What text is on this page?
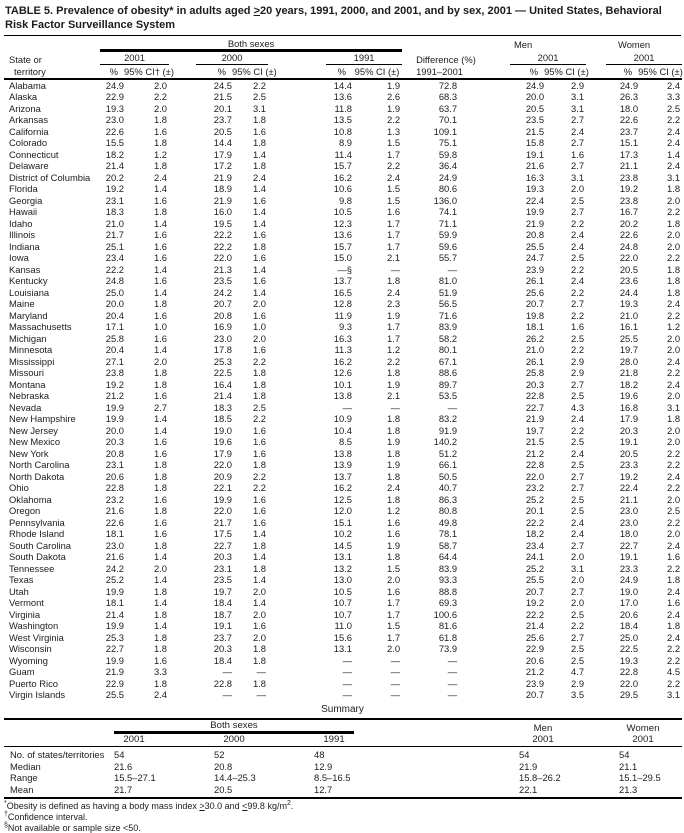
TABLE 5. Prevalence of obesity* in adults aged ≥20 years, 1991, 2000, and 2001, and by sex, 2001 — United States, Behavioral Risk Factor Surveillance System
	Both sexes							Men		Women	
State or	2001		2000		1991		Difference (%)	2001		2001	

territory	%	95% CI† (±)	%	95% CI (±)	%	95% CI (±)	1991–2001	%	95% CI (±)	%	95% CI (±)
Alabama	24.9	2.0	24.5	2.2	14.4	1.9	72.8	24.9	2.9	24.9	2.4
Alaska	22.9	2.2	21.5	2.5	13.6	2.6	68.3	20.0	3.1	26.3	3.3
Arizona	19.3	2.0	20.1	3.1	11.8	1.9	63.7	20.5	3.1	18.0	2.5
Arkansas	23.0	1.8	23.7	1.8	13.5	2.2	70.1	23.5	2.7	22.6	2.2
California	22.6	1.6	20.5	1.6	10.8	1.3	109.1	21.5	2.4	23.7	2.4
Colorado	15.5	1.8	14.4	1.8	8.9	1.5	75.1	15.8	2.7	15.1	2.4
Connecticut	18.2	1.2	17.9	1.4	11.4	1.7	59.8	19.1	1.6	17.3	1.4
Delaware	21.4	1.8	17.2	1.8	15.7	2.2	36.4	21.6	2.7	21.1	2.4
District of Columbia	20.2	2.4	21.9	2.4	16.2	2.4	24.9	16.3	3.1	23.8	3.1
Florida	19.2	1.4	18.9	1.4	10.6	1.5	80.6	19.3	2.0	19.2	1.8
Georgia	23.1	1.6	21.9	1.6	9.8	1.5	136.0	22.4	2.5	23.8	2.0
Hawaii	18.3	1.8	16.0	1.4	10.5	1.6	74.1	19.9	2.7	16.7	2.2
Idaho	21.0	1.4	19.5	1.4	12.3	1.7	71.1	21.9	2.2	20.2	1.8
Illinois	21.7	1.6	22.2	1.6	13.6	1.7	59.9	20.8	2.4	22.6	2.0
Indiana	25.1	1.6	22.2	1.8	15.7	1.7	59.6	25.5	2.4	24.8	2.0
Iowa	23.4	1.6	22.0	1.6	15.0	2.1	55.7	24.7	2.5	22.0	2.2
Kansas	22.2	1.4	21.3	1.4	—§	—	—	23.9	2.2	20.5	1.8
Kentucky	24.8	1.6	23.5	1.6	13.7	1.8	81.0	26.1	2.4	23.6	1.8
Louisiana	25.0	1.4	24.2	1.4	16.5	2.4	51.9	25.6	2.2	24.4	1.8
Maine	20.0	1.8	20.7	2.0	12.8	2.3	56.5	20.7	2.7	19.3	2.4
Maryland	20.4	1.6	20.8	1.6	11.9	1.9	71.6	19.8	2.2	21.0	2.2
Massachusetts	17.1	1.0	16.9	1.0	9.3	1.7	83.9	18.1	1.6	16.1	1.2
Michigan	25.8	1.6	23.0	2.0	16.3	1.7	58.2	26.2	2.5	25.5	2.0
Minnesota	20.4	1.4	17.8	1.6	11.3	1.2	80.1	21.0	2.2	19.7	2.0
Mississippi	27.1	2.0	25.3	2.2	16.2	2.2	67.1	26.1	2.9	28.0	2.4
Missouri	23.8	1.8	22.5	1.8	12.6	1.8	88.6	25.8	2.9	21.8	2.2
Montana	19.2	1.8	16.4	1.8	10.1	1.9	89.7	20.3	2.7	18.2	2.4
Nebraska	21.2	1.6	21.4	1.8	13.8	2.1	53.5	22.8	2.5	19.6	2.0
Nevada	19.9	2.7	18.3	2.5	—	—	—	22.7	4.3	16.8	3.1
New Hampshire	19.9	1.4	18.5	2.2	10.9	1.8	83.2	21.9	2.4	17.9	1.8
New Jersey	20.0	1.4	19.0	1.6	10.4	1.8	91.9	19.7	2.2	20.3	2.0
New Mexico	20.3	1.6	19.6	1.6	8.5	1.9	140.2	21.5	2.5	19.1	2.0
New York	20.8	1.6	17.9	1.6	13.8	1.8	51.2	21.2	2.4	20.5	2.2
North Carolina	23.1	1.8	22.0	1.8	13.9	1.9	66.1	22.8	2.5	23.3	2.2
North Dakota	20.6	1.8	20.9	2.2	13.7	1.8	50.5	22.0	2.7	19.2	2.4
Ohio	22.8	1.8	22.1	2.2	16.2	2.4	40.7	23.2	2.7	22.4	2.2
Oklahoma	23.2	1.6	19.9	1.6	12.5	1.8	86.3	25.2	2.5	21.1	2.0
Oregon	21.6	1.8	22.0	1.6	12.0	1.2	80.8	20.1	2.5	23.0	2.5
Pennsylvania	22.6	1.6	21.7	1.6	15.1	1.6	49.8	22.2	2.4	23.0	2.2
Rhode Island	18.1	1.6	17.5	1.4	10.2	1.6	78.1	18.2	2.4	18.0	2.0
South Carolina	23.0	1.8	22.7	1.8	14.5	1.9	58.7	23.4	2.7	22.7	2.4
South Dakota	21.6	1.4	20.3	1.4	13.1	1.8	64.4	24.1	2.0	19.1	1.6
Tennessee	24.2	2.0	23.1	1.8	13.2	1.5	83.9	25.2	3.1	23.3	2.2
Texas	25.2	1.4	23.5	1.4	13.0	2.0	93.3	25.5	2.0	24.9	1.8
Utah	19.9	1.8	19.7	2.0	10.5	1.6	88.8	20.7	2.7	19.0	2.4
Vermont	18.1	1.4	18.4	1.4	10.7	1.7	69.3	19.2	2.0	17.0	1.6
Virginia	21.4	1.8	18.7	2.0	10.7	1.7	100.6	22.2	2.5	20.6	2.4
Washington	19.9	1.4	19.1	1.6	11.0	1.5	81.6	21.4	2.2	18.4	1.8
West Virginia	25.3	1.8	23.7	2.0	15.6	1.7	61.8	25.6	2.7	25.0	2.4
Wisconsin	22.7	1.8	20.3	1.8	13.1	2.0	73.9	22.9	2.5	22.5	2.2
Wyoming	19.9	1.6	18.4	1.8	—	—	—	20.6	2.5	19.3	2.2
Guam	21.9	3.3	—	—	—	—	—	21.2	4.7	22.8	4.5
Puerto Rico	22.9	1.8	22.8	1.8	—	—	—	23.9	2.9	22.0	2.2
Virgin Islands	25.5	2.4	—	—	—	—	—	20.7	3.5	29.5	3.1
Summary

	Both sexes			Men	Women

	2001	2000	1991	2001	2001

No. of states/territories	54	52	48	54	54
Median	21.6	20.8	12.9	21.9	21.1
Range	15.5–27.1	14.4–25.3	8.5–16.5	15.8–26.2	15.1–29.5
Mean	21.7	20.5	12.7	22.1	21.3
*Obesity is defined as having a body mass index ≥30.0 and ≤99.8 $kg/m^2$.
†Confidence interval.
§Not available or sample size <50.
